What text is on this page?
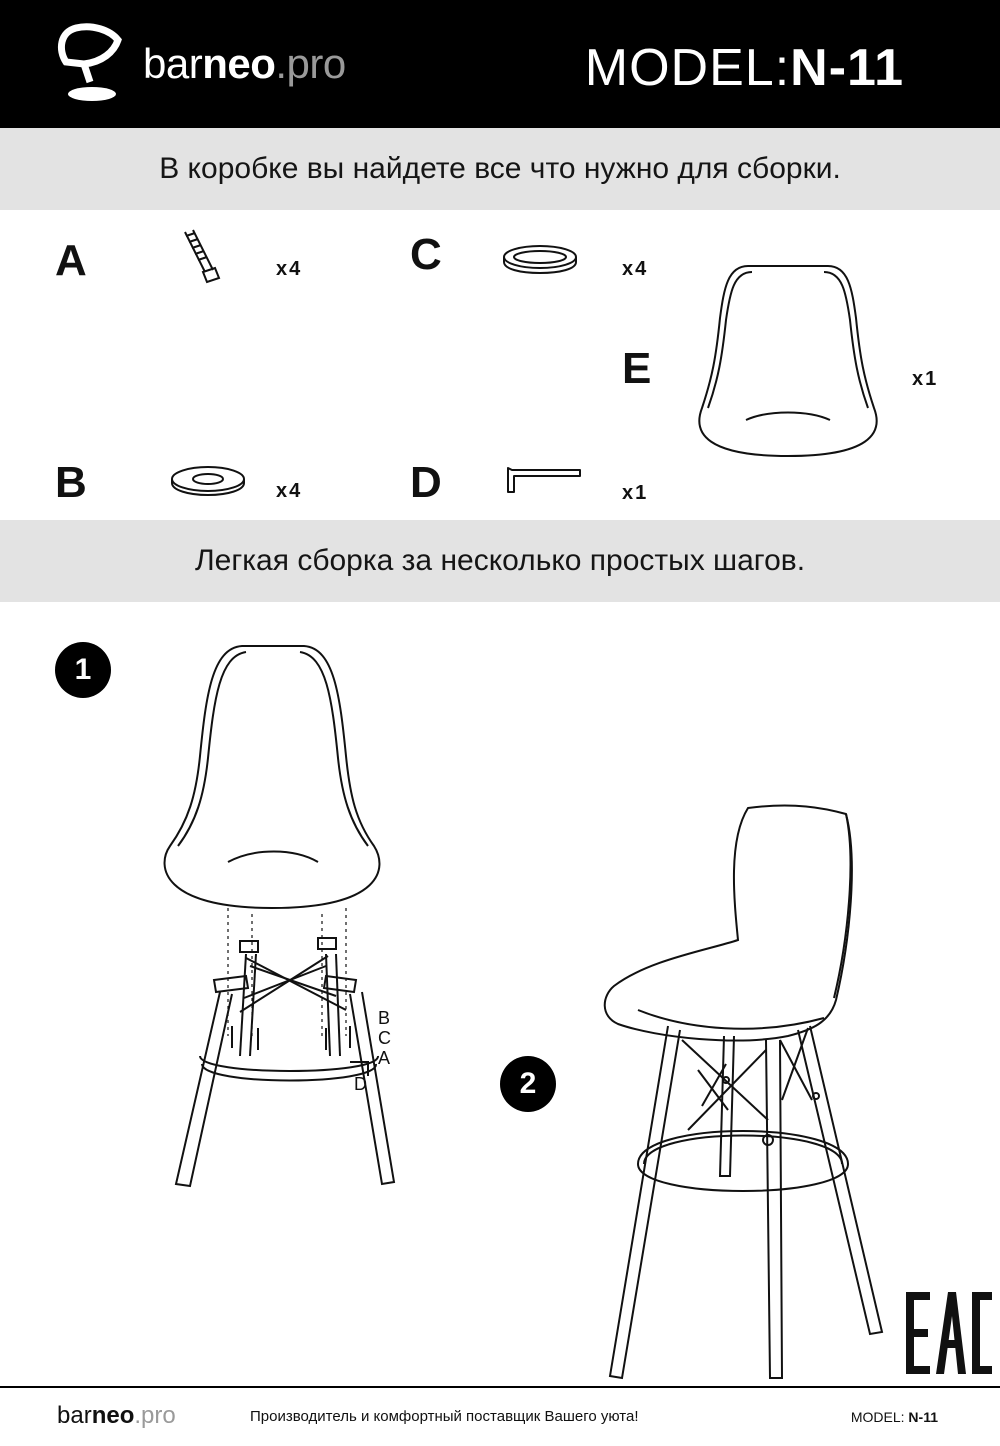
barneo.pro	MODEL:N-11
В коробке вы найдете все что нужно для сборки.
A	x4 C	x4
E	x1
B	x4 D	x1
Легкая сборка за несколько простых шагов.
1
B
C
A
D	2
barneo.pro	Производитель и комфортный поставщик Вашего уюта!	MODEL: N-11
